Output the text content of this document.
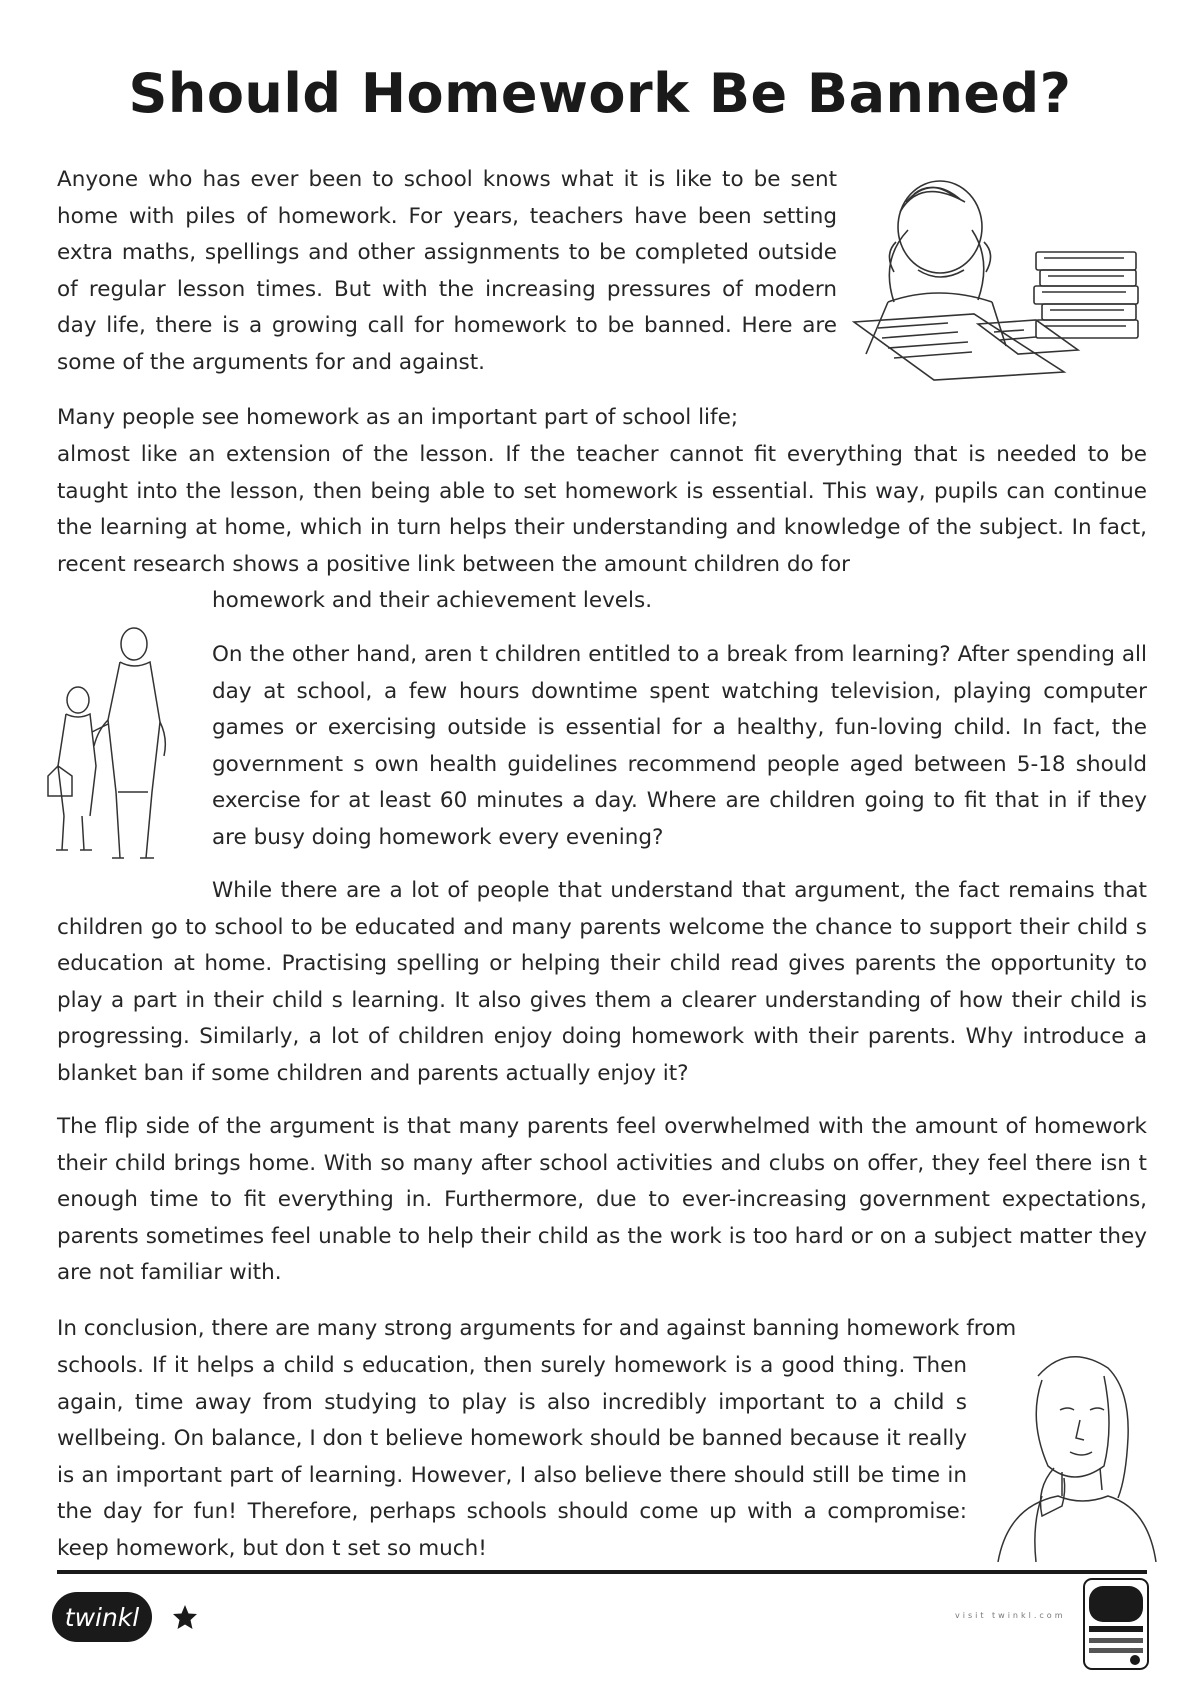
Should Homework Be Banned?

Anyone who has ever been to school knows what it is like to be sent home with piles of homework. For years, teachers have been setting extra maths, spellings and other assignments to be completed outside of regular lesson times. But with the increasing pressures of modern day life, there is a growing call for homework to be banned. Here are some of the arguments for and against.

Many people see homework as an important part of school life;

almost like an extension of the lesson. If the teacher cannot fit everything that is needed to be taught into the lesson, then being able to set homework is essential. This way, pupils can continue the learning at home, which in turn helps their understanding and knowledge of the subject. In fact, recent research shows a positive link between the amount children do for

homework and their achievement levels.

On the other hand, aren t children entitled to a break from learning? After spending all day at school, a few hours downtime spent watching television, playing computer games or exercising outside is essential for a healthy, fun-loving child. In fact, the government s own health guidelines recommend people aged between 5-18 should exercise for at least 60 minutes a day. Where are children going to fit that in if they are busy doing homework every evening?

While there are a lot of people that understand that argument, the fact remains that children go to school to be educated and many parents welcome the chance to support their child s education at home. Practising spelling or helping their child read gives parents the opportunity to play a part in their child s learning. It also gives them a clearer understanding of how their child is progressing. Similarly, a lot of children enjoy doing homework with their parents. Why introduce a blanket ban if some children and parents actually enjoy it?

The flip side of the argument is that many parents feel overwhelmed with the amount of homework their child brings home. With so many after school activities and clubs on offer, they feel there isn t enough time to fit everything in. Furthermore, due to ever-increasing government expectations, parents sometimes feel unable to help their child as the work is too hard or on a subject matter they are not familiar with.

In conclusion, there are many strong arguments for and against banning homework from

schools. If it helps a child s education, then surely homework is a good thing. Then again, time away from studying to play is also incredibly important to a child s wellbeing. On balance, I don t believe homework should be banned because it really is an important part of learning. However, I also believe there should still be time in the day for fun! Therefore, perhaps schools should come up with a compromise: keep homework, but don t set so much!

twinkl	visit twinkl.com
